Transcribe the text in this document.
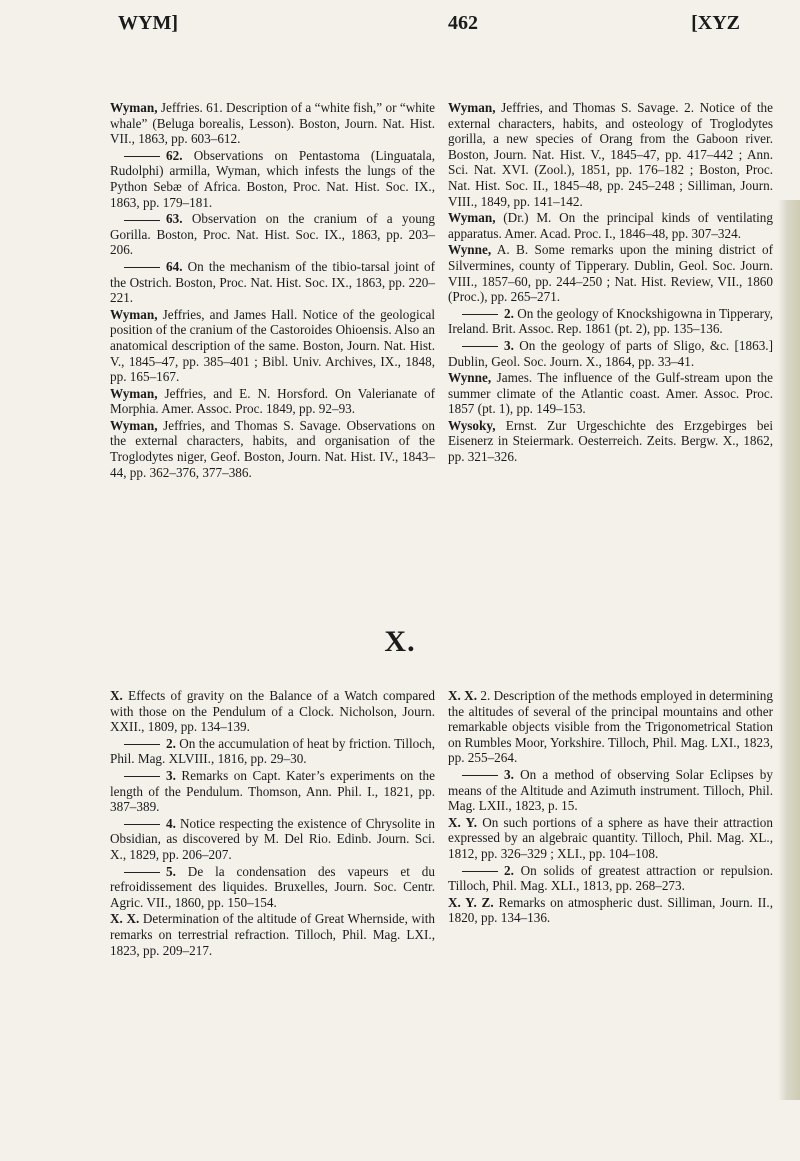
WYM]	462	[XYZ

Wyman, Jeffries. 61. Description of a “white fish,” or “white whale” (Beluga borealis, Lesson). Boston, Journ. Nat. Hist. VII., 1863, pp. 603–612.

62. Observations on Pentastoma (Linguatala, Rudolphi) armilla, Wyman, which infests the lungs of the Python Sebæ of Africa. Boston, Proc. Nat. Hist. Soc. IX., 1863, pp. 179–181.

63. Observation on the cranium of a young Gorilla. Boston, Proc. Nat. Hist. Soc. IX., 1863, pp. 203–206.

64. On the mechanism of the tibio-tarsal joint of the Ostrich. Boston, Proc. Nat. Hist. Soc. IX., 1863, pp. 220–221.

Wyman, Jeffries, and James Hall. Notice of the geological position of the cranium of the Castoroides Ohioensis. Also an anatomical description of the same. Boston, Journ. Nat. Hist. V., 1845–47, pp. 385–401 ; Bibl. Univ. Archives, IX., 1848, pp. 165–167.

Wyman, Jeffries, and E. N. Horsford. On Valerianate of Morphia. Amer. Assoc. Proc. 1849, pp. 92–93.

Wyman, Jeffries, and Thomas S. Savage. Observations on the external characters, habits, and organisation of the Troglodytes niger, Geof. Boston, Journ. Nat. Hist. IV., 1843–44, pp. 362–376, 377–386.

Wyman, Jeffries, and Thomas S. Savage. 2. Notice of the external characters, habits, and osteology of Troglodytes gorilla, a new species of Orang from the Gaboon river. Boston, Journ. Nat. Hist. V., 1845–47, pp. 417–442 ; Ann. Sci. Nat. XVI. (Zool.), 1851, pp. 176–182 ; Boston, Proc. Nat. Hist. Soc. II., 1845–48, pp. 245–248 ; Silliman, Journ. VIII., 1849, pp. 141–142.

Wyman, (Dr.) M. On the principal kinds of ventilating apparatus. Amer. Acad. Proc. I., 1846–48, pp. 307–324.

Wynne, A. B. Some remarks upon the mining district of Silvermines, county of Tipperary. Dublin, Geol. Soc. Journ. VIII., 1857–60, pp. 244–250 ; Nat. Hist. Review, VII., 1860 (Proc.), pp. 265–271.

2. On the geology of Knockshigowna in Tipperary, Ireland. Brit. Assoc. Rep. 1861 (pt. 2), pp. 135–136.

3. On the geology of parts of Sligo, &c. [1863.] Dublin, Geol. Soc. Journ. X., 1864, pp. 33–41.

Wynne, James. The influence of the Gulf-stream upon the summer climate of the Atlantic coast. Amer. Assoc. Proc. 1857 (pt. 1), pp. 149–153.

Wysoky, Ernst. Zur Urgeschichte des Erzgebirges bei Eisenerz in Steiermark. Oesterreich. Zeits. Bergw. X., 1862, pp. 321–326.

X.

X. Effects of gravity on the Balance of a Watch compared with those on the Pendulum of a Clock. Nicholson, Journ. XXII., 1809, pp. 134–139.

2. On the accumulation of heat by friction. Tilloch, Phil. Mag. XLVIII., 1816, pp. 29–30.

3. Remarks on Capt. Kater’s experiments on the length of the Pendulum. Thomson, Ann. Phil. I., 1821, pp. 387–389.

4. Notice respecting the existence of Chrysolite in Obsidian, as discovered by M. Del Rio. Edinb. Journ. Sci. X., 1829, pp. 206–207.

5. De la condensation des vapeurs et du refroidissement des liquides. Bruxelles, Journ. Soc. Centr. Agric. VII., 1860, pp. 150–154.

X. X. Determination of the altitude of Great Whernside, with remarks on terrestrial refraction. Tilloch, Phil. Mag. LXI., 1823, pp. 209–217.

X. X. 2. Description of the methods employed in determining the altitudes of several of the principal mountains and other remarkable objects visible from the Trigonometrical Station on Rumbles Moor, Yorkshire. Tilloch, Phil. Mag. LXI., 1823, pp. 255–264.

3. On a method of observing Solar Eclipses by means of the Altitude and Azimuth instrument. Tilloch, Phil. Mag. LXII., 1823, p. 15.

X. Y. On such portions of a sphere as have their attraction expressed by an algebraic quantity. Tilloch, Phil. Mag. XL., 1812, pp. 326–329 ; XLI., pp. 104–108.

2. On solids of greatest attraction or repulsion. Tilloch, Phil. Mag. XLI., 1813, pp. 268–273.

X. Y. Z. Remarks on atmospheric dust. Silliman, Journ. II., 1820, pp. 134–136.
